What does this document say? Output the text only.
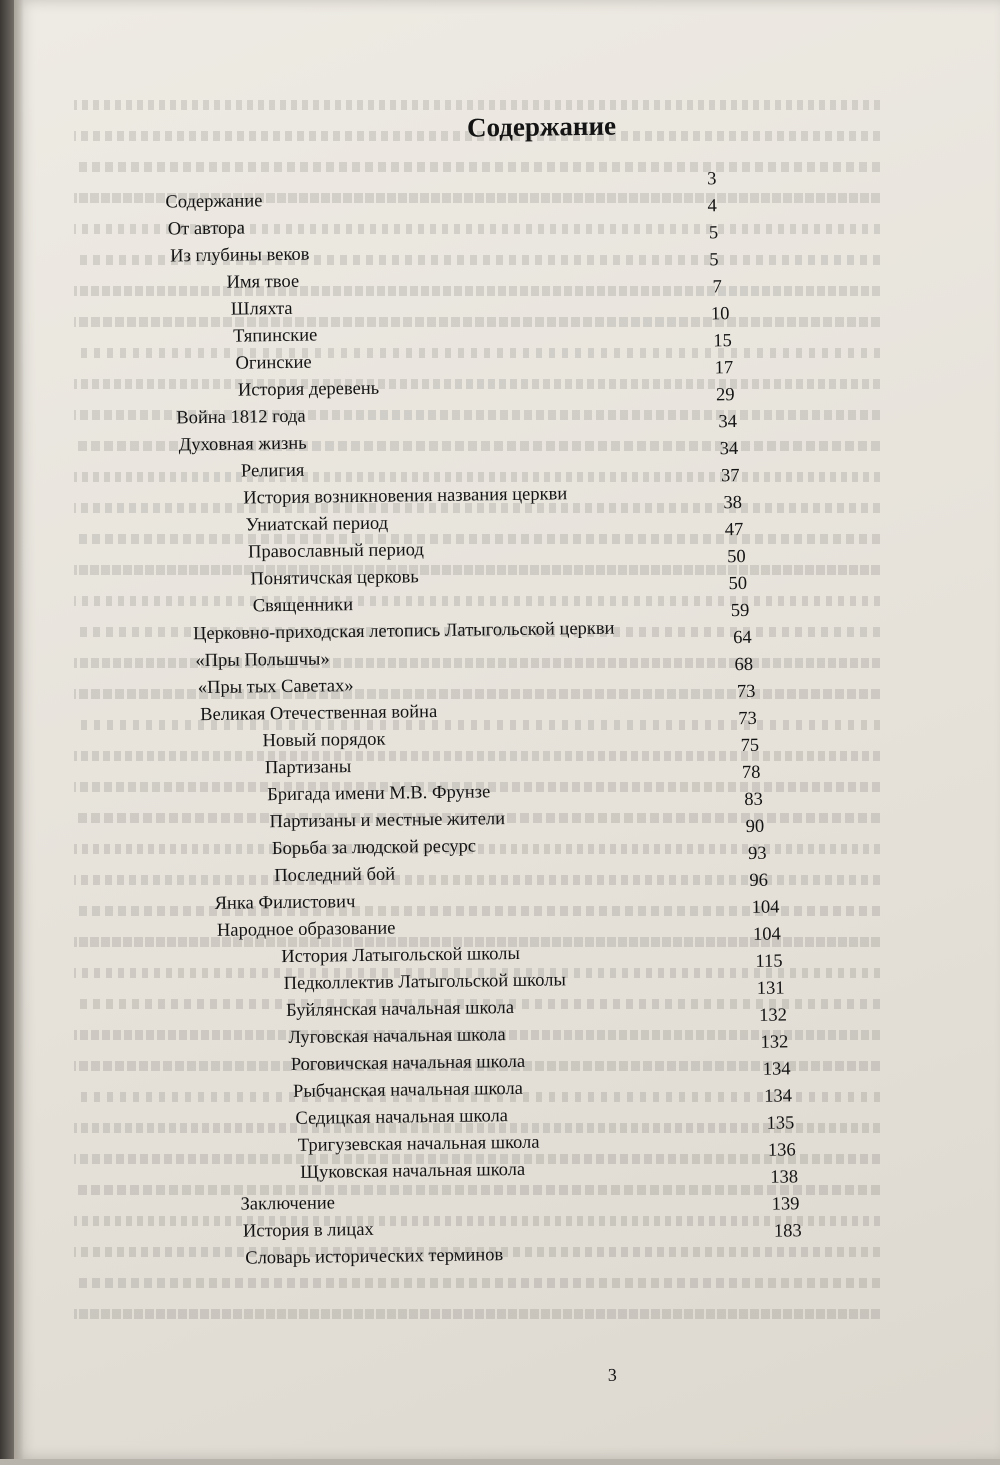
Содержание
Содержание
3
От автора
4
Из глубины веков
5
Имя твое
5
Шляхта
7
Тяпинские
10
Огинские
15
История деревень
17
Война 1812 года
29
Духовная жизнь
34
Религия
34
История возникновения названия церкви
37
Униатскай период
38
Православный период
47
Понятичская церковь
50
Священники
50
Церковно-приходская летопись Латыгольской церкви
59
«Пры Польшчы»
64
«Пры тых Саветах»
68
Великая Отечественная война
73
Новый порядок
73
Партизаны
75
Бригада имени М.В. Фрунзе
78
Партизаны и местные жители
83
Борьба за людской ресурс
90
Последний бой
93
Янка Филистович
96
Народное образование
104
История Латыгольской школы
104
Педколлектив Латыгольской школы
115
Буйлянская начальная школа
131
Луговская начальная школа
132
Роговичская начальная школа
132
Рыбчанская начальная школа
134
Седицкая начальная школа
134
Тригузевская начальная школа
135
Щуковская начальная школа
136
Заключение
138
История в лицах
139
Словарь исторических терминов
183
3
